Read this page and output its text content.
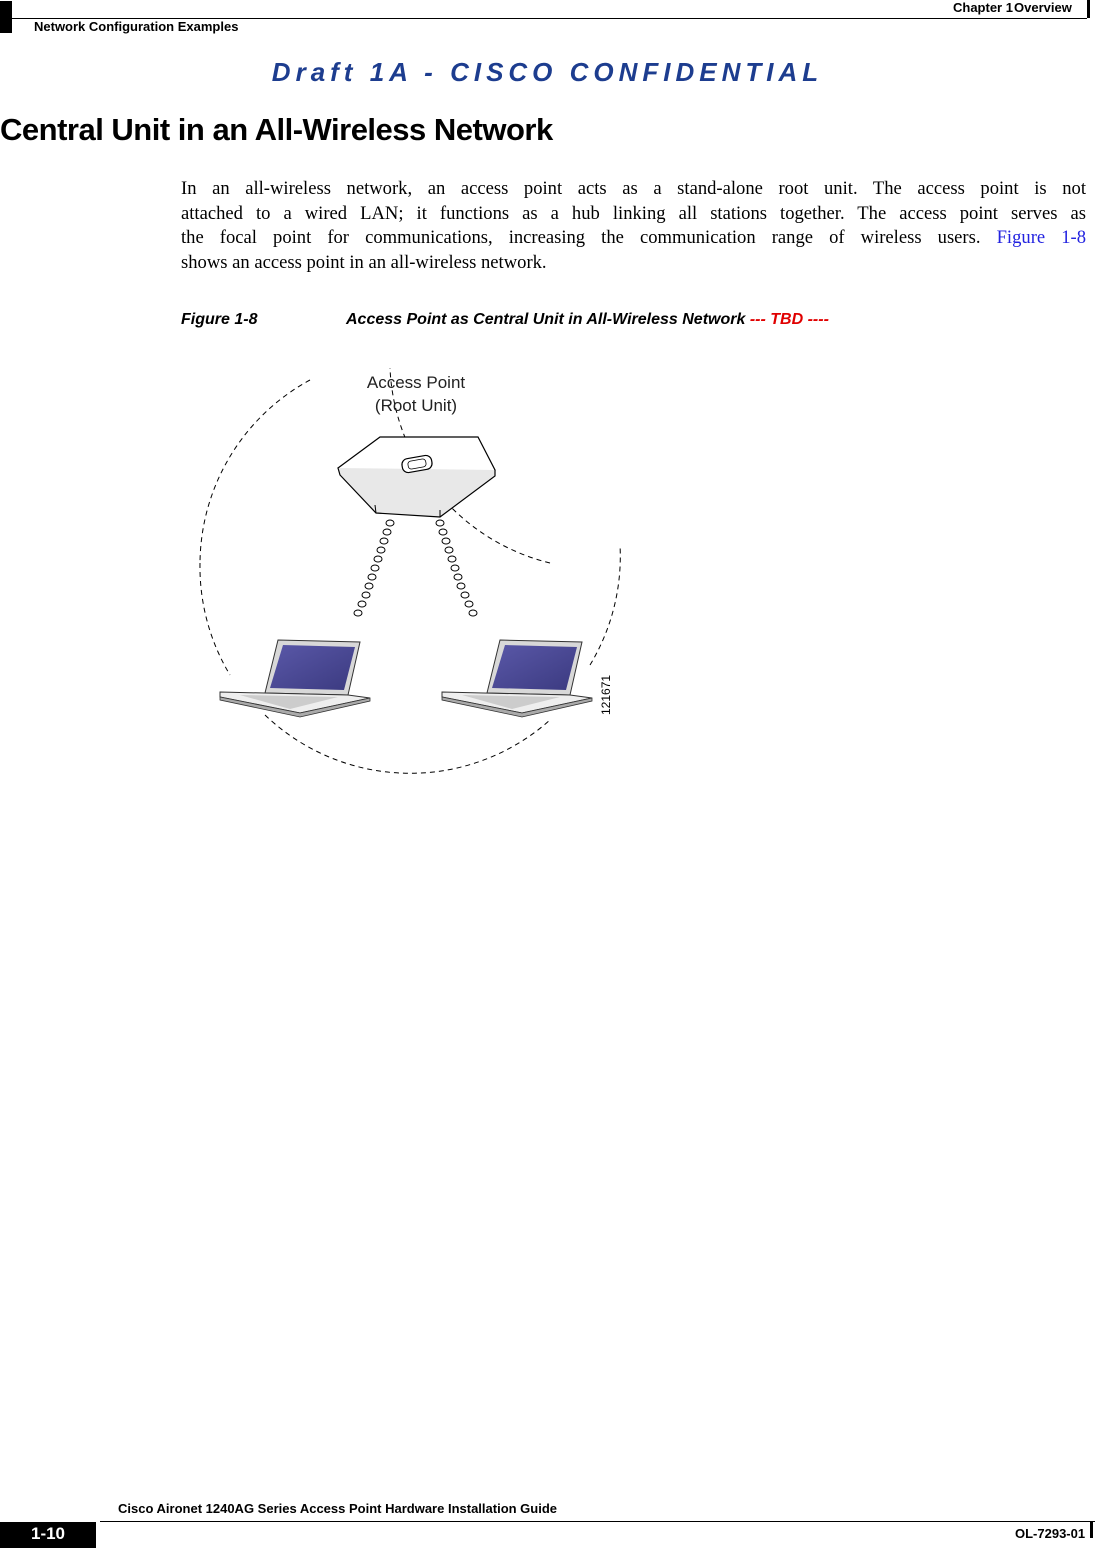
Chapter 1 Overview
Network Configuration Examples
Draft 1A - CISCO CONFIDENTIAL
Central Unit in an All-Wireless Network
In an all-wireless network, an access point acts as a stand-alone root unit. The access point is not
attached to a wired LAN; it functions as a hub linking all stations together. The access point serves as
the focal point for communications, increasing the communication range of wireless users. Figure 1-8
shows an access point in an all-wireless network.
Figure 1-8	Access Point as Central Unit in All-Wireless Network --- TBD ----
Access Point
(Root Unit)
121671
Cisco Aironet 1240AG Series Access Point Hardware Installation Guide
1-10	OL-7293-01
